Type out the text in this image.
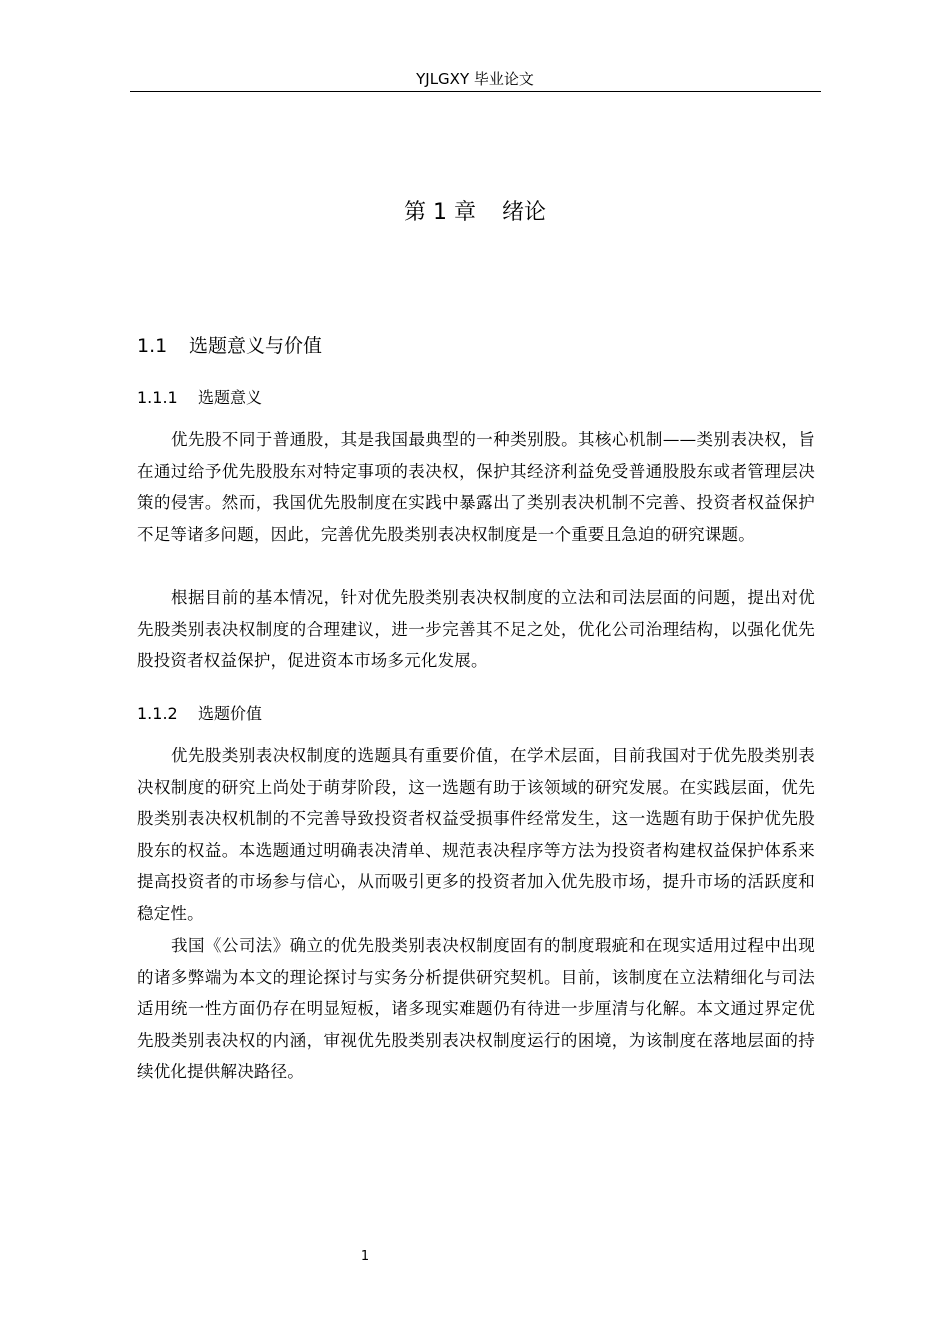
YJLGXY 毕业论文
第 1 章 绪论
1.1 选题意义与价值
1.1.1 选题意义

优先股不同于普通股，其是我国最典型的一种类别股。其核心机制——类别表决权，旨在通过给予优先股股东对特定事项的表决权，保护其经济利益免受普通股股东或者管理层决策的侵害。然而，我国优先股制度在实践中暴露出了类别表决机制不完善、投资者权益保护不足等诸多问题，因此，完善优先股类别表决权制度是一个重要且急迫的研究课题。

根据目前的基本情况，针对优先股类别表决权制度的立法和司法层面的问题，提出对优先股类别表决权制度的合理建议，进一步完善其不足之处，优化公司治理结构，以强化优先股投资者权益保护，促进资本市场多元化发展。

1.1.2 选题价值

优先股类别表决权制度的选题具有重要价值，在学术层面，目前我国对于优先股类别表决权制度的研究上尚处于萌芽阶段，这一选题有助于该领域的研究发展。在实践层面，优先股类别表决权机制的不完善导致投资者权益受损事件经常发生，这一选题有助于保护优先股股东的权益。本选题通过明确表决清单、规范表决程序等方法为投资者构建权益保护体系来提高投资者的市场参与信心，从而吸引更多的投资者加入优先股市场，提升市场的活跃度和稳定性。

我国《公司法》确立的优先股类别表决权制度固有的制度瑕疵和在现实适用过程中出现的诸多弊端为本文的理论探讨与实务分析提供研究契机。目前，该制度在立法精细化与司法适用统一性方面仍存在明显短板，诸多现实难题仍有待进一步厘清与化解。本文通过界定优先股类别表决权的内涵，审视优先股类别表决权制度运行的困境，为该制度在落地层面的持续优化提供解决路径。

1
